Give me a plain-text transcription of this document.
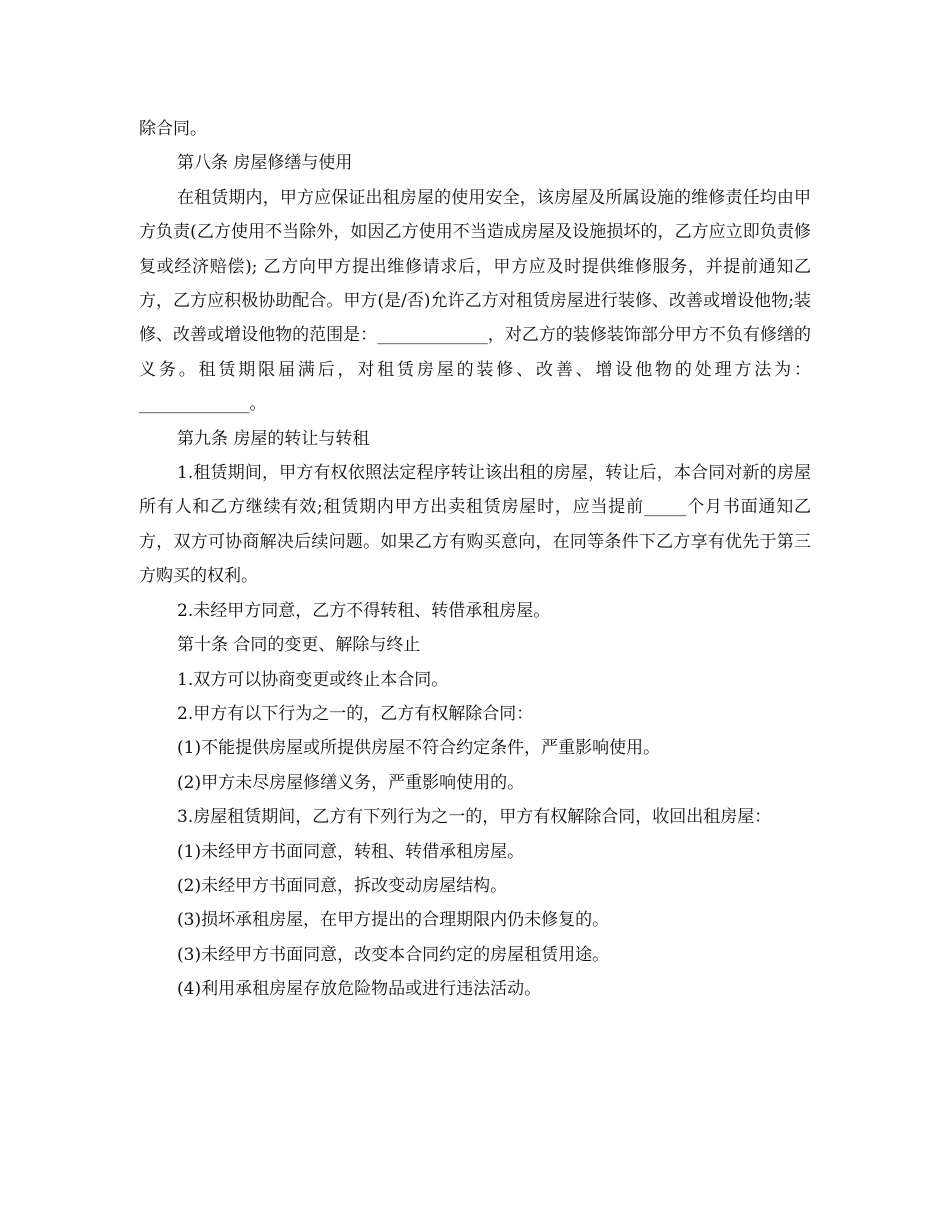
除合同。

第八条 房屋修缮与使用

在租赁期内，甲方应保证出租房屋的使用安全，该房屋及所属设施的维修责任均由甲方负责(乙方使用不当除外，如因乙方使用不当造成房屋及设施损坏的，乙方应立即负责修复或经济赔偿); 乙方向甲方提出维修请求后，甲方应及时提供维修服务，并提前通知乙方，乙方应积极协助配合。甲方(是/否)允许乙方对租赁房屋进行装修、改善或增设他物;装修、改善或增设他物的范围是：_____________，对乙方的装修装饰部分甲方不负有修缮的义务。租赁期限届满后，对租赁房屋的装修、改善、增设他物的处理方法为：_____________。

第九条 房屋的转让与转租

1.租赁期间，甲方有权依照法定程序转让该出租的房屋，转让后，本合同对新的房屋所有人和乙方继续有效;租赁期内甲方出卖租赁房屋时，应当提前_____个月书面通知乙方，双方可协商解决后续问题。如果乙方有购买意向，在同等条件下乙方享有优先于第三方购买的权利。

2.未经甲方同意，乙方不得转租、转借承租房屋。

第十条 合同的变更、解除与终止

1.双方可以协商变更或终止本合同。

2.甲方有以下行为之一的，乙方有权解除合同：

(1)不能提供房屋或所提供房屋不符合约定条件，严重影响使用。

(2)甲方未尽房屋修缮义务，严重影响使用的。

3.房屋租赁期间，乙方有下列行为之一的，甲方有权解除合同，收回出租房屋：

(1)未经甲方书面同意，转租、转借承租房屋。

(2)未经甲方书面同意，拆改变动房屋结构。

(3)损坏承租房屋，在甲方提出的合理期限内仍未修复的。

(3)未经甲方书面同意，改变本合同约定的房屋租赁用途。

(4)利用承租房屋存放危险物品或进行违法活动。
